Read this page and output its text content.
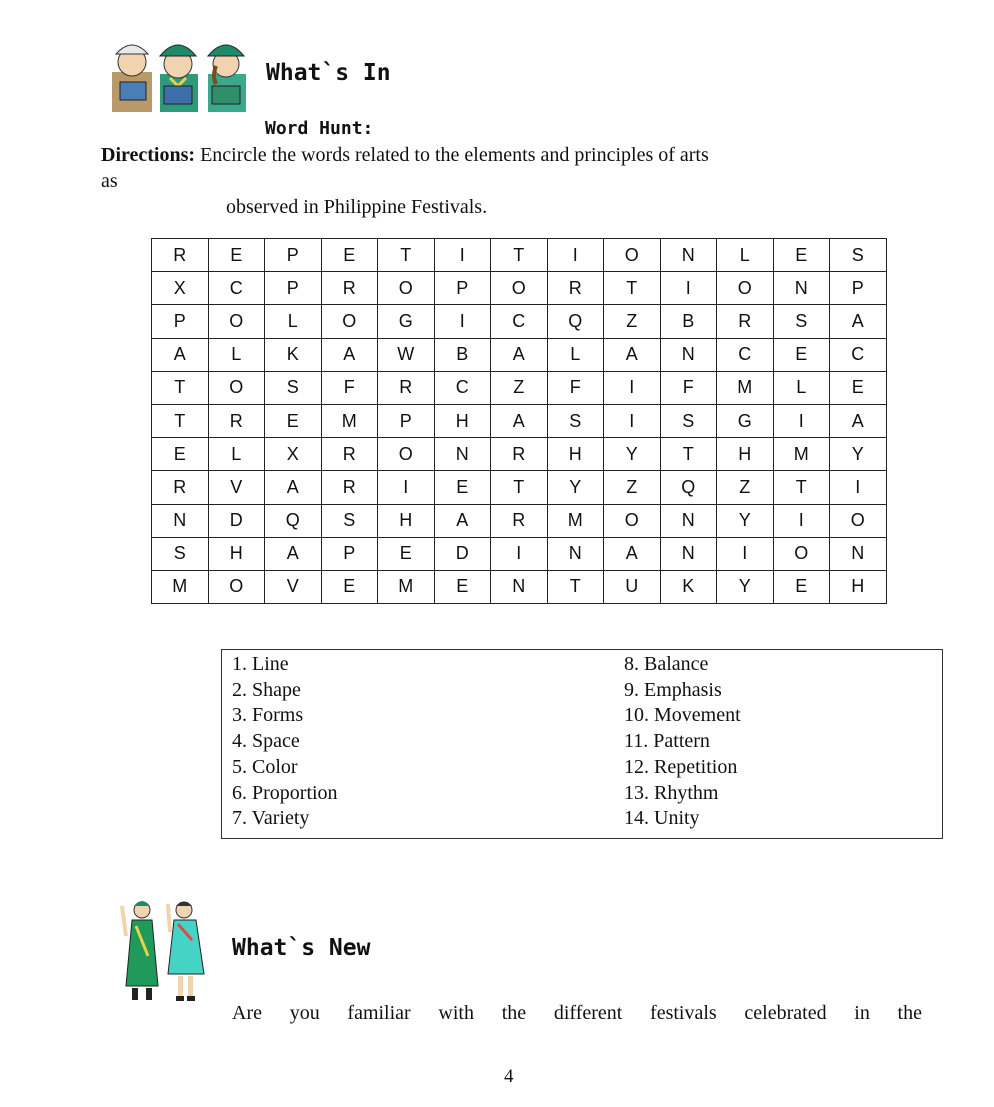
What`s In
Word Hunt:
Directions: Encircle the words related to the elements and principles of arts
as
observed in Philippine Festivals.
R	E	P	E	T	I	T	I	O	N	L	E	S
X	C	P	R	O	P	O	R	T	I	O	N	P
P	O	L	O	G	I	C	Q	Z	B	R	S	A
A	L	K	A	W	B	A	L	A	N	C	E	C
T	O	S	F	R	C	Z	F	I	F	M	L	E
T	R	E	M	P	H	A	S	I	S	G	I	A
E	L	X	R	O	N	R	H	Y	T	H	M	Y
R	V	A	R	I	E	T	Y	Z	Q	Z	T	I
N	D	Q	S	H	A	R	M	O	N	Y	I	O
S	H	A	P	E	D	I	N	A	N	I	O	N
M	O	V	E	M	E	N	T	U	K	Y	E	H
1. Line
2. Shape
3. Forms
4. Space
5. Color
6. Proportion
7. Variety
8. Balance
9. Emphasis
10. Movement
11. Pattern
12. Repetition
13. Rhythm
14. Unity
What`s New
Are you familiar with the different festivals celebrated in the
4
